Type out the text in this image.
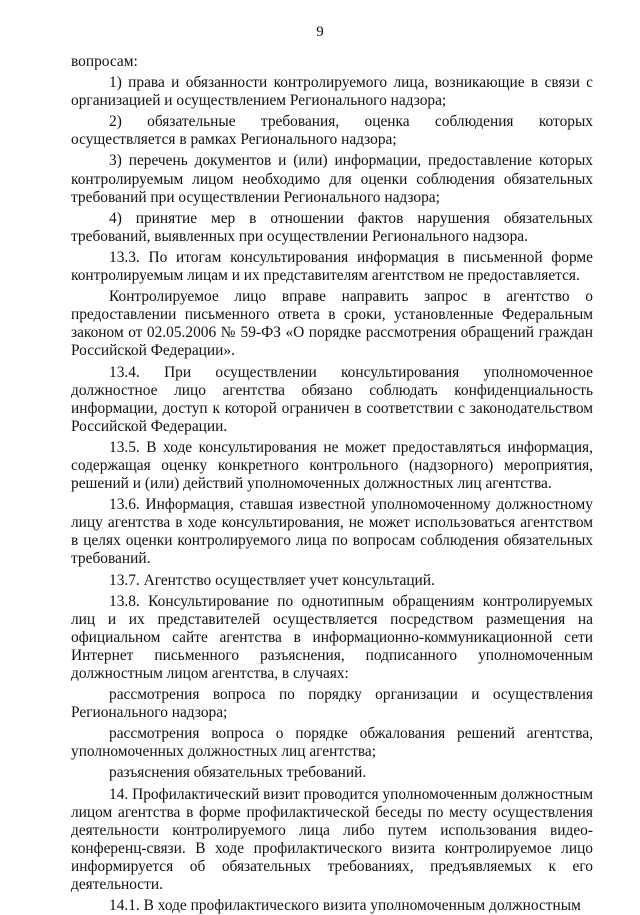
9

вопросам:

1) права и обязанности контролируемого лица, возникающие в связи с организацией и осуществлением Регионального надзора;

2) обязательные требования, оценка соблюдения которых осуществляется в рамках Регионального надзора;

3) перечень документов и (или) информации, предоставление которых контролируемым лицом необходимо для оценки соблюдения обязательных требований при осуществлении Регионального надзора;

4) принятие мер в отношении фактов нарушения обязательных требований, выявленных при осуществлении Регионального надзора.

13.3. По итогам консультирования информация в письменной форме контролируемым лицам и их представителям агентством не предоставляется.

Контролируемое лицо вправе направить запрос в агентство о предоставлении письменного ответа в сроки, установленные Федеральным законом от 02.05.2006 № 59-ФЗ «О порядке рассмотрения обращений граждан Российской Федерации».

13.4. При осуществлении консультирования уполномоченное должностное лицо агентства обязано соблюдать конфиденциальность информации, доступ к которой ограничен в соответствии с законодательством Российской Федерации.

13.5. В ходе консультирования не может предоставляться информация, содержащая оценку конкретного контрольного (надзорного) мероприятия, решений и (или) действий уполномоченных должностных лиц агентства.

13.6. Информация, ставшая известной уполномоченному должностному лицу агентства в ходе консультирования, не может использоваться агентством в целях оценки контролируемого лица по вопросам соблюдения обязательных требований.

13.7. Агентство осуществляет учет консультаций.

13.8. Консультирование по однотипным обращениям контролируемых лиц и их представителей осуществляется посредством размещения на официальном сайте агентства в информационно-коммуникационной сети Интернет письменного разъяснения, подписанного уполномоченным должностным лицом агентства, в случаях:

рассмотрения вопроса по порядку организации и осуществления Регионального надзора;

рассмотрения вопроса о порядке обжалования решений агентства, уполномоченных должностных лиц агентства;

разъяснения обязательных требований.

14. Профилактический визит проводится уполномоченным должностным лицом агентства в форме профилактической беседы по месту осуществления деятельности контролируемого лица либо путем использования видео-конференц-связи. В ходе профилактического визита контролируемое лицо информируется об обязательных требованиях, предъявляемых к его деятельности.

14.1. В ходе профилактического визита уполномоченным должностным
